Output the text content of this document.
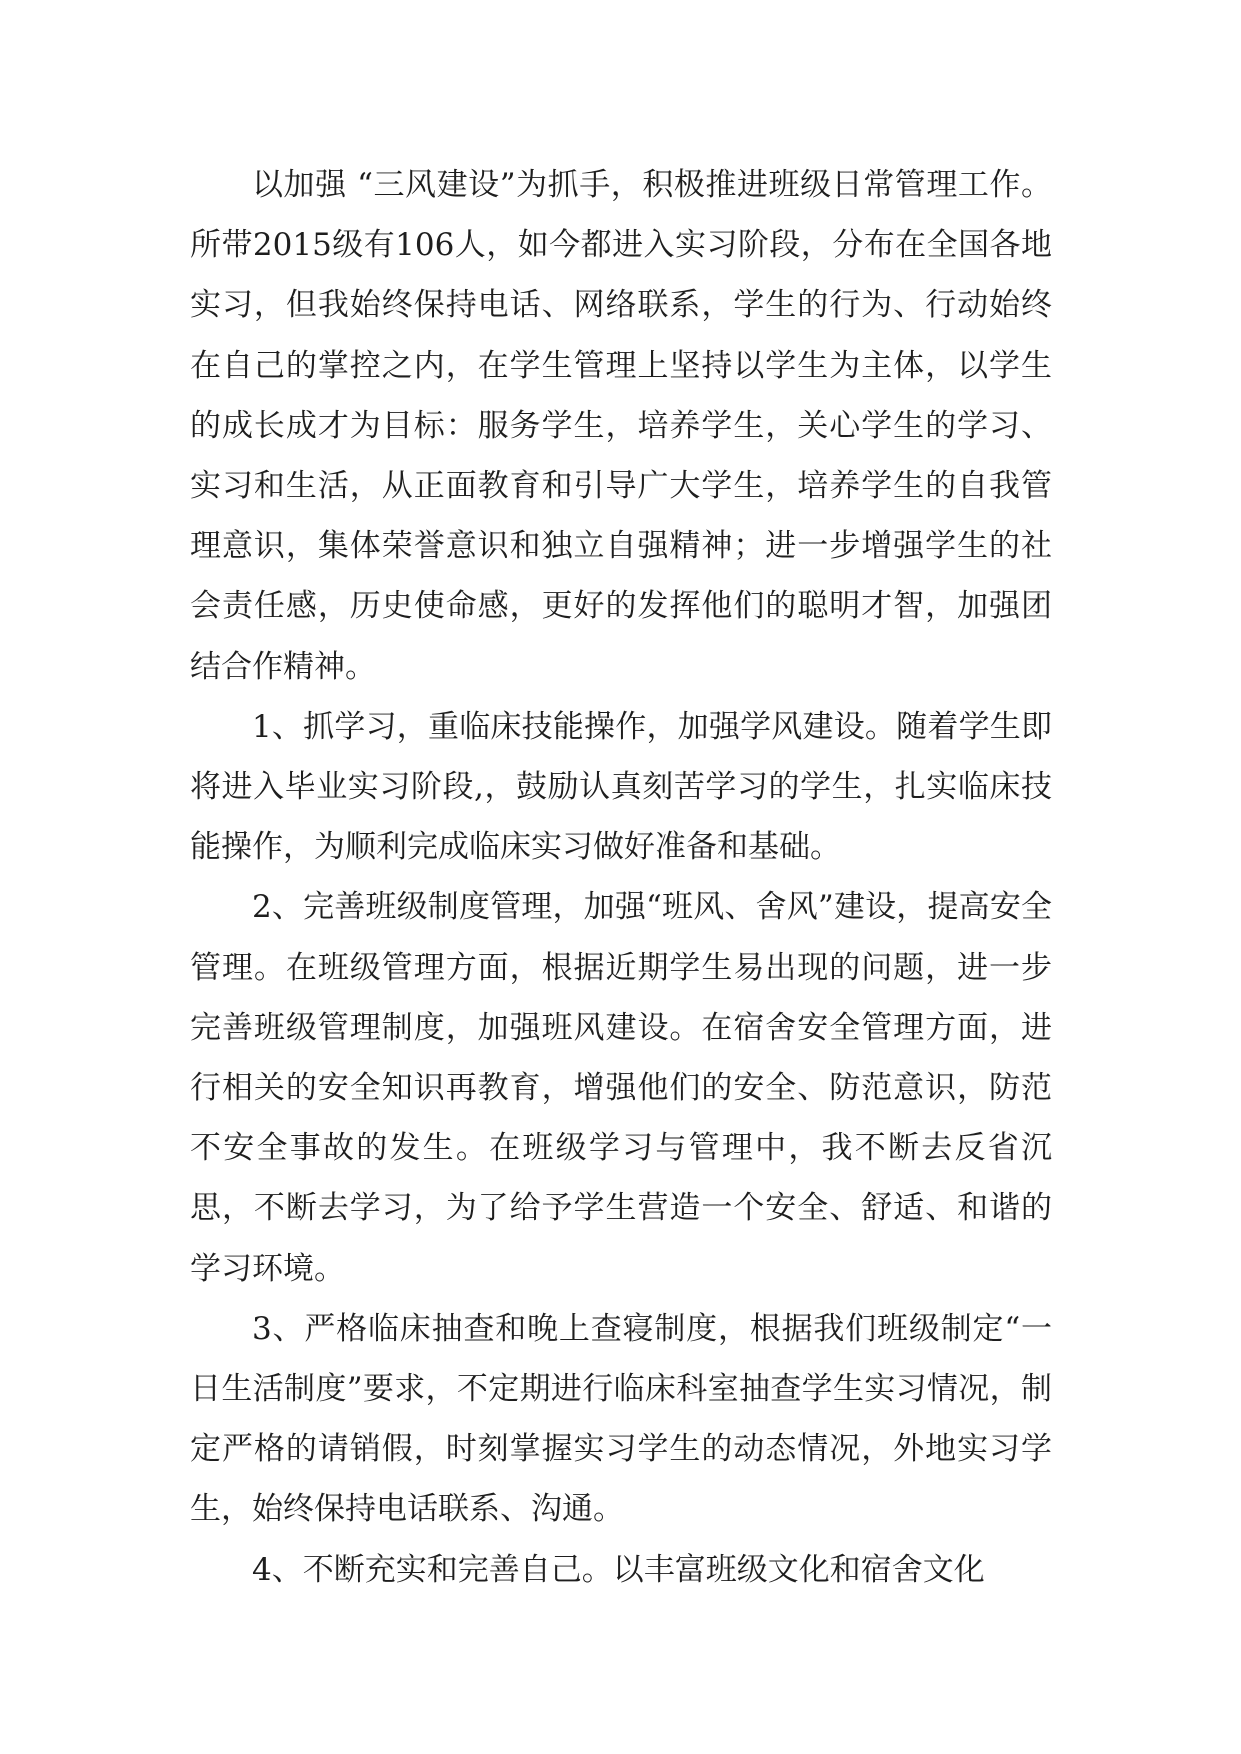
以加强 “三风建设”为抓手，积极推进班级日常管理工作。所带2015级有106人，如今都进入实习阶段，分布在全国各地实习，但我始终保持电话、网络联系，学生的行为、行动始终在自己的掌控之内，在学生管理上坚持以学生为主体，以学生的成长成才为目标：服务学生，培养学生，关心学生的学习、实习和生活，从正面教育和引导广大学生，培养学生的自我管理意识，集体荣誉意识和独立自强精神；进一步增强学生的社会责任感，历史使命感，更好的发挥他们的聪明才智，加强团结合作精神。

1、抓学习，重临床技能操作，加强学风建设。随着学生即将进入毕业实习阶段,，鼓励认真刻苦学习的学生，扎实临床技能操作，为顺利完成临床实习做好准备和基础。

2、完善班级制度管理，加强“班风、舍风”建设，提高安全管理。在班级管理方面，根据近期学生易出现的问题，进一步完善班级管理制度，加强班风建设。在宿舍安全管理方面，进行相关的安全知识再教育，增强他们的安全、防范意识，防范不安全事故的发生。在班级学习与管理中，我不断去反省沉思，不断去学习，为了给予学生营造一个安全、舒适、和谐的学习环境。

3、严格临床抽查和晚上查寝制度，根据我们班级制定“一日生活制度”要求，不定期进行临床科室抽查学生实习情况，制定严格的请销假，时刻掌握实习学生的动态情况，外地实习学生，始终保持电话联系、沟通。

4、不断充实和完善自己。以丰富班级文化和宿舍文化
